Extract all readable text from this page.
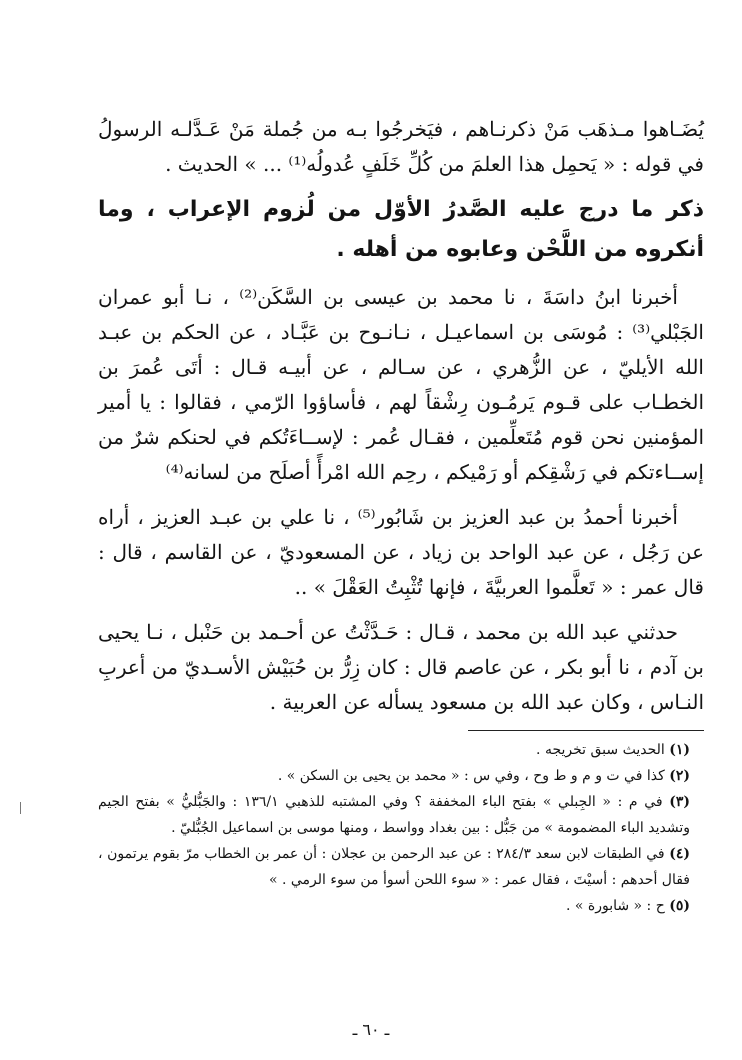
يُضَـاهوا مـذهَب مَنْ ذكرنـاهم ، فيَخرجُوا بـه من جُملة مَنْ عَـدَّلـه الرسولُ في قوله : « يَحمِل هذا العلمَ من كُلِّ خَلَفٍ عُدولُه⁽¹⁾ ... » الحديث .

ذكر ما درج عليه الصَّدرُ الأوّل من لُزوم الإعراب ، وما أنكروه من اللَّحْن وعابوه من أهله .

أخبرنا ابنُ داسَةَ ، نا محمد بن عيسى بن السَّكَن⁽²⁾ ، نـا أبو عمران الجَبْلي⁽³⁾ : مُوسَى بن اسماعيـل ، نـانـوح بن عَبَّـاد ، عن الحكم بن عبـد الله الأيليّ ، عن الزُّهري ، عن سـالم ، عن أبيـه قـال : أتَى عُمرَ بن الخطـاب على قـوم يَرمُـون رِشْقاً لهم ، فأساؤوا الرّمي ، فقالوا : يا أمير المؤمنين نحن قوم مُتَعلِّمين ، فقـال عُمر : لإســاءَتُكم في لحنكم شرٌ من إســاءتكم في رَشْقِكم أو رَمْيكم ، رحِم الله امْرأً أصلَح من لسانه⁽⁴⁾

أخبرنا أحمدُ بن عبد العزيز بن شَابُور⁽⁵⁾ ، نا علي بن عبـد العزيز ، أراه عن رَجُل ، عن عبد الواحد بن زياد ، عن المسعوديّ ، عن القاسم ، قال : قال عمر : « تَعلَّموا العربيَّةَ ، فإنها تُثْبِتُ العَقْلَ » ..

حدثني عبد الله بن محمد ، قـال : حَـدَّثْتُ عن أحـمد بن حَنْبل ، نـا يحيى بن آدم ، نا أبو بكر ، عن عاصم قال : كان زِرُّ بن حُبَيْش الأسـديّ من أعربِ النـاس ، وكان عبد الله بن مسعود يسأله عن العربية .

(١) الحديث سبق تخريجه .

(٢) كذا في ت و م و ط وح ، وفي س : « محمد بن يحيى بن السكن » .

(٣) في م : « الجِبلي » بفتح الباء المخففة ؟ وفي المشتبه للذهبي ١٣٦/١ : والجَبُّليُّ » بفتح الجيم وتشديد الباء المضمومة » من جَبُّل : بين بغداد وواسط ، ومنها موسى بن اسماعيل الجُبُّليّ .

(٤) في الطبقات لابن سعد ٢٨٤/٣ : عن عبد الرحمن بن عجلان : أن عمر بن الخطاب مرّ بقوم يرتمون ، فقال أحدهم : أسيْتَ ، فقال عمر : « سوء اللحن أسوأ من سوء الرمي . »

(٥) ح : « شابورة » .

ـ ٦٠ ـ
